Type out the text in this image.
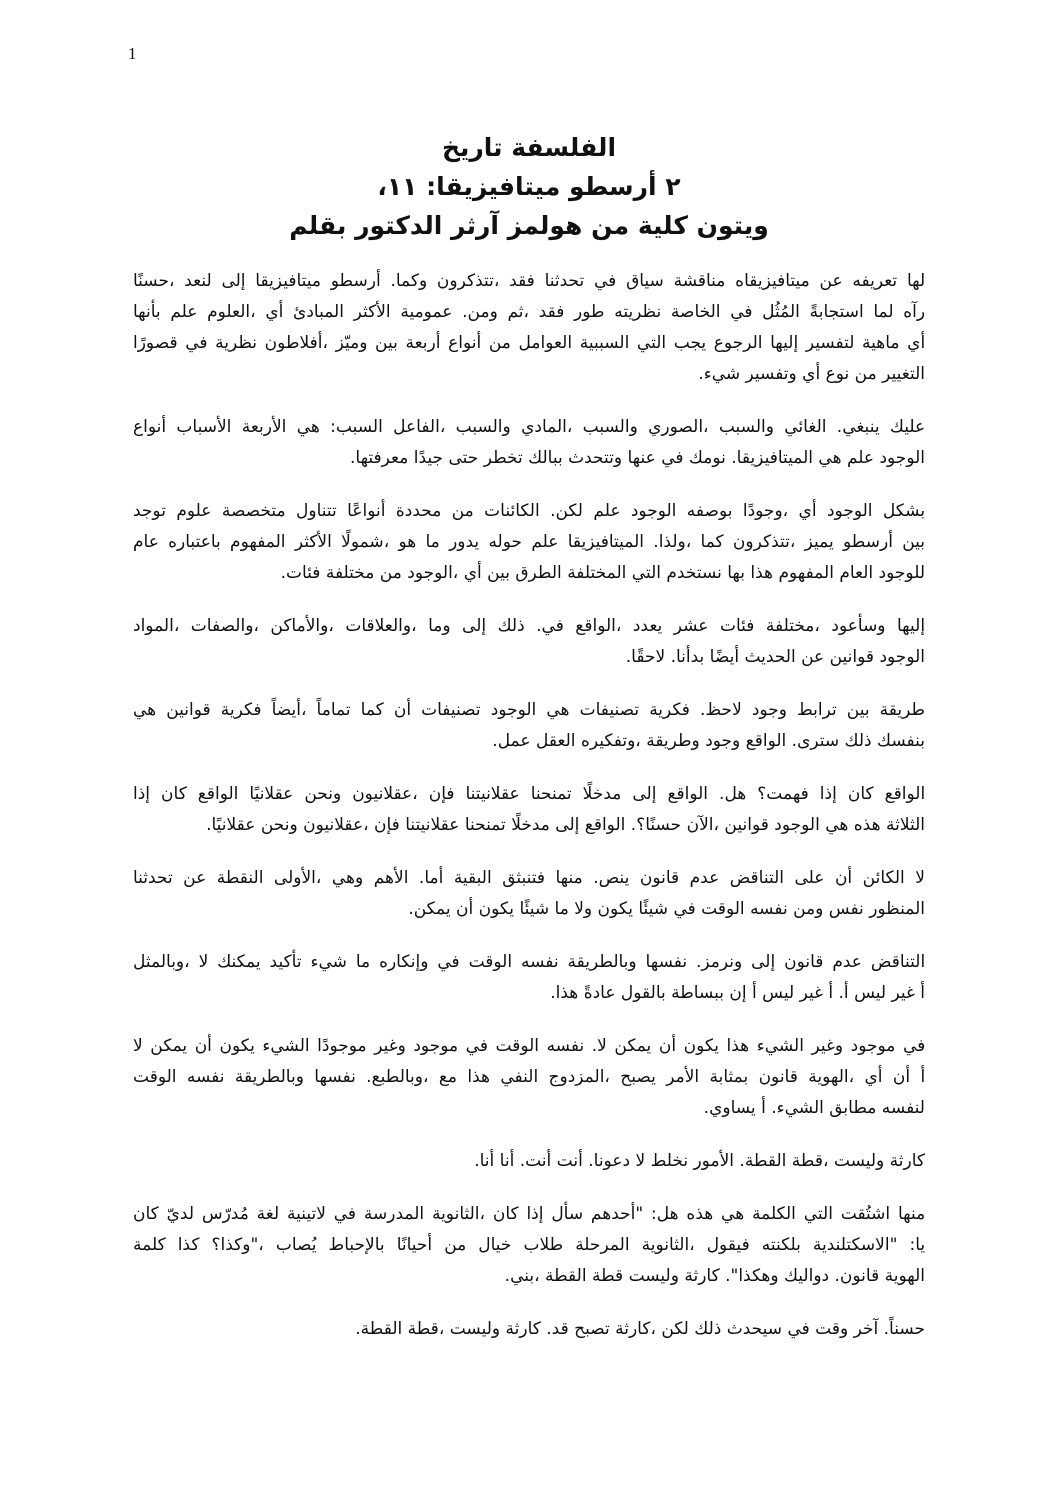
1
تاريخ الفلسفة
،١١ :ميتافيزيقا أرسطو ٢
بقلم الدكتور آرثر هولمز من كلية ويتون
حسنًا، لنعد إلى ميتافيزيقا أرسطو .وكما تتذكرون، فقد تحدثنا في سياق مناقشة ميتافيزيقاه عن تعريفه لها
بأنها علم العلوم، أي المبادئ الأكثر عمومية .ومن ثم، فقد طور نظريته الخاصة في المُثُل استجابةً لما رآه
قصورًا في نظرية أفلاطون، وميّز بين أربعة أنواع من العوامل السببية التي يجب الرجوع إليها لتفسير ماهية أي
.شيء وتفسير أي نوع من التغيير
أنواع الأسباب الأربعة هي :السبب الفاعل، والسبب المادي، والسبب الصوري، والسبب الغائي .ينبغي عليك
.معرفتها جيدًا حتى تخطر ببالك وتتحدث عنها في نومك .الميتافيزيقا هي علم الوجود
توجد علوم متخصصة تتناول أنواعًا محددة من الكائنات .لكن علم الوجود بوصفه وجودًا، أي الوجود بشكل
عام باعتباره المفهوم الأكثر شمولًا، هو ما يدور حوله علم الميتافيزيقا .ولذا، كما تتذكرون، يميز أرسطو بين
.فئات مختلفة من الوجود، أي بين الطرق المختلفة التي نستخدم بها هذا المفهوم العام للوجود
المواد، والصفات، والأماكن، والعلاقات، وما إلى ذلك .في الواقع، يعدد عشر فئات مختلفة، وسأعود إليها
.لاحقًا .بدأنا أيضًا الحديث عن قوانين الوجود
هي قوانين فكرية أيضاً، تماماً كما أن تصنيفات الوجود هي تصنيفات فكرية .لاحظ وجود ترابط بين طريقة
.عمل العقل وتفكيره، وطريقة وجود الواقع .سترى ذلك بنفسك
إذا كان الواقع عقلانيًا ونحن عقلانيون، فإن عقلانيتنا تمنحنا مدخلًا إلى الواقع .هل فهمت؟ إذا كان الواقع
.عقلانيًا ونحن عقلانيون، فإن عقلانيتنا تمنحنا مدخلًا إلى الواقع .حسنًا؟ الآن، قوانين الوجود هي هذه الثلاثة
تحدثنا عن النقطة الأولى، وهي الأهم .أما البقية فتنبثق منها .ينص قانون عدم التناقض على أن الكائن لا
.يمكن أن يكون شيئًا ما ولا يكون شيئًا في الوقت نفسه ومن نفس المنظور
وبالمثل، لا يمكنك تأكيد شيء ما وإنكاره في الوقت نفسه وبالطريقة نفسها .ونرمز إلى قانون عدم التناقض
.هذا عادةً بالقول ببساطة إن أ ليس غير أ .أ ليس غير أ
لا يمكن أن يكون الشيء موجودًا وغير موجود في الوقت نفسه .لا يمكن أن يكون هذا الشيء وغير موجود في
الوقت نفسه وبالطريقة نفسها .وبالطبع، مع هذا النفي المزدوج، يصبح الأمر بمثابة قانون الهوية، أي أن أ
.يساوي أ .الشيء مطابق لنفسه
.أنا أنا .أنت أنت .دعونا لا نخلط الأمور .القطة قطة، وليست كارثة
كان لديّ مُدرّس لغة لاتينية في المدرسة الثانوية، كان إذا سأل أحدهم" :هل هذه هي الكلمة التي اشتُقت منها
كلمة كذا وكذا؟"، يُصاب بالإحباط أحيانًا من خيال طلاب المرحلة الثانوية، فيقول بلكنته الاسكتلندية" :يا
.بني، القطة قطة وليست كارثة ."وهكذا دواليك .قانون الهوية
.القطة قطة، وليست كارثة .قد تصبح كارثة، لكن ذلك سيحدث في وقت آخر .حسناً
